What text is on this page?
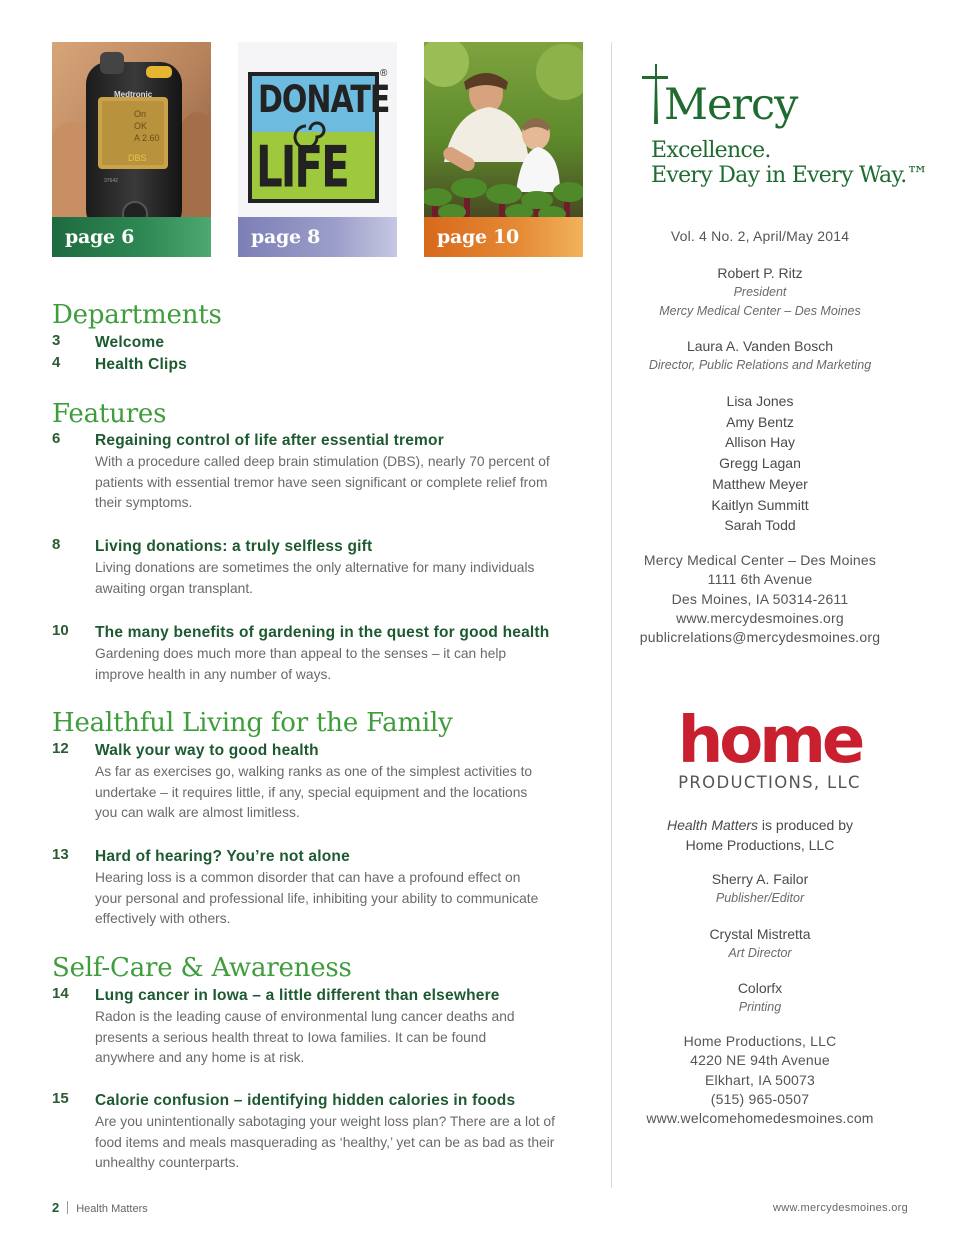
Medtronic
On
OK
A 2.60
DBS
37642
page 6
DONATE
LIFE
®
page 8	page 10
Departments
3 Welcome
4 Health Clips
Features
6 Regaining control of life after essential tremor
With a procedure called deep brain stimulation (DBS), nearly 70 percent of
patients with essential tremor have seen significant or complete relief from
their symptoms.
8 Living donations: a truly selfless gift
Living donations are sometimes the only alternative for many individuals
awaiting organ transplant.
10 The many benefits of gardening in the quest for good health
Gardening does much more than appeal to the senses – it can help
improve health in any number of ways.
Healthful Living for the Family
12 Walk your way to good health
As far as exercises go, walking ranks as one of the simplest activities to
undertake – it requires little, if any, special equipment and the locations
you can walk are almost limitless.
13 Hard of hearing? You’re not alone
Hearing loss is a common disorder that can have a profound effect on
your personal and professional life, inhibiting your ability to communicate
effectively with others.
Self-Care & Awareness
14 Lung cancer in Iowa – a little different than elsewhere
Radon is the leading cause of environmental lung cancer deaths and
presents a serious health threat to Iowa families. It can be found
anywhere and any home is at risk.
15 Calorie confusion – identifying hidden calories in foods
Are you unintentionally sabotaging your weight loss plan? There are a lot of
food items and meals masquerading as ‘healthy,’ yet can be as bad as their
unhealthy counterparts.
Mercy
Excellence.
Every Day in Every Way.™
Vol. 4 No. 2, April/May 2014
Robert P. Ritz
President
Mercy Medical Center – Des Moines
Laura A. Vanden Bosch
Director, Public Relations and Marketing
Lisa Jones
Amy Bentz
Allison Hay
Gregg Lagan
Matthew Meyer
Kaitlyn Summitt
Sarah Todd
Mercy Medical Center – Des Moines
1111 6th Avenue
Des Moines, IA 50314-2611
www.mercydesmoines.org
publicrelations@mercydesmoines.org
home
PRODUCTIONS, LLC
Health Matters is produced by
Home Productions, LLC
Sherry A. Failor
Publisher/Editor
Crystal Mistretta
Art Director
Colorfx
Printing
Home Productions, LLC
4220 NE 94th Avenue
Elkhart, IA 50073
(515) 965-0507
www.welcomehomedesmoines.com
2 Health Matters	www.mercydesmoines.org
